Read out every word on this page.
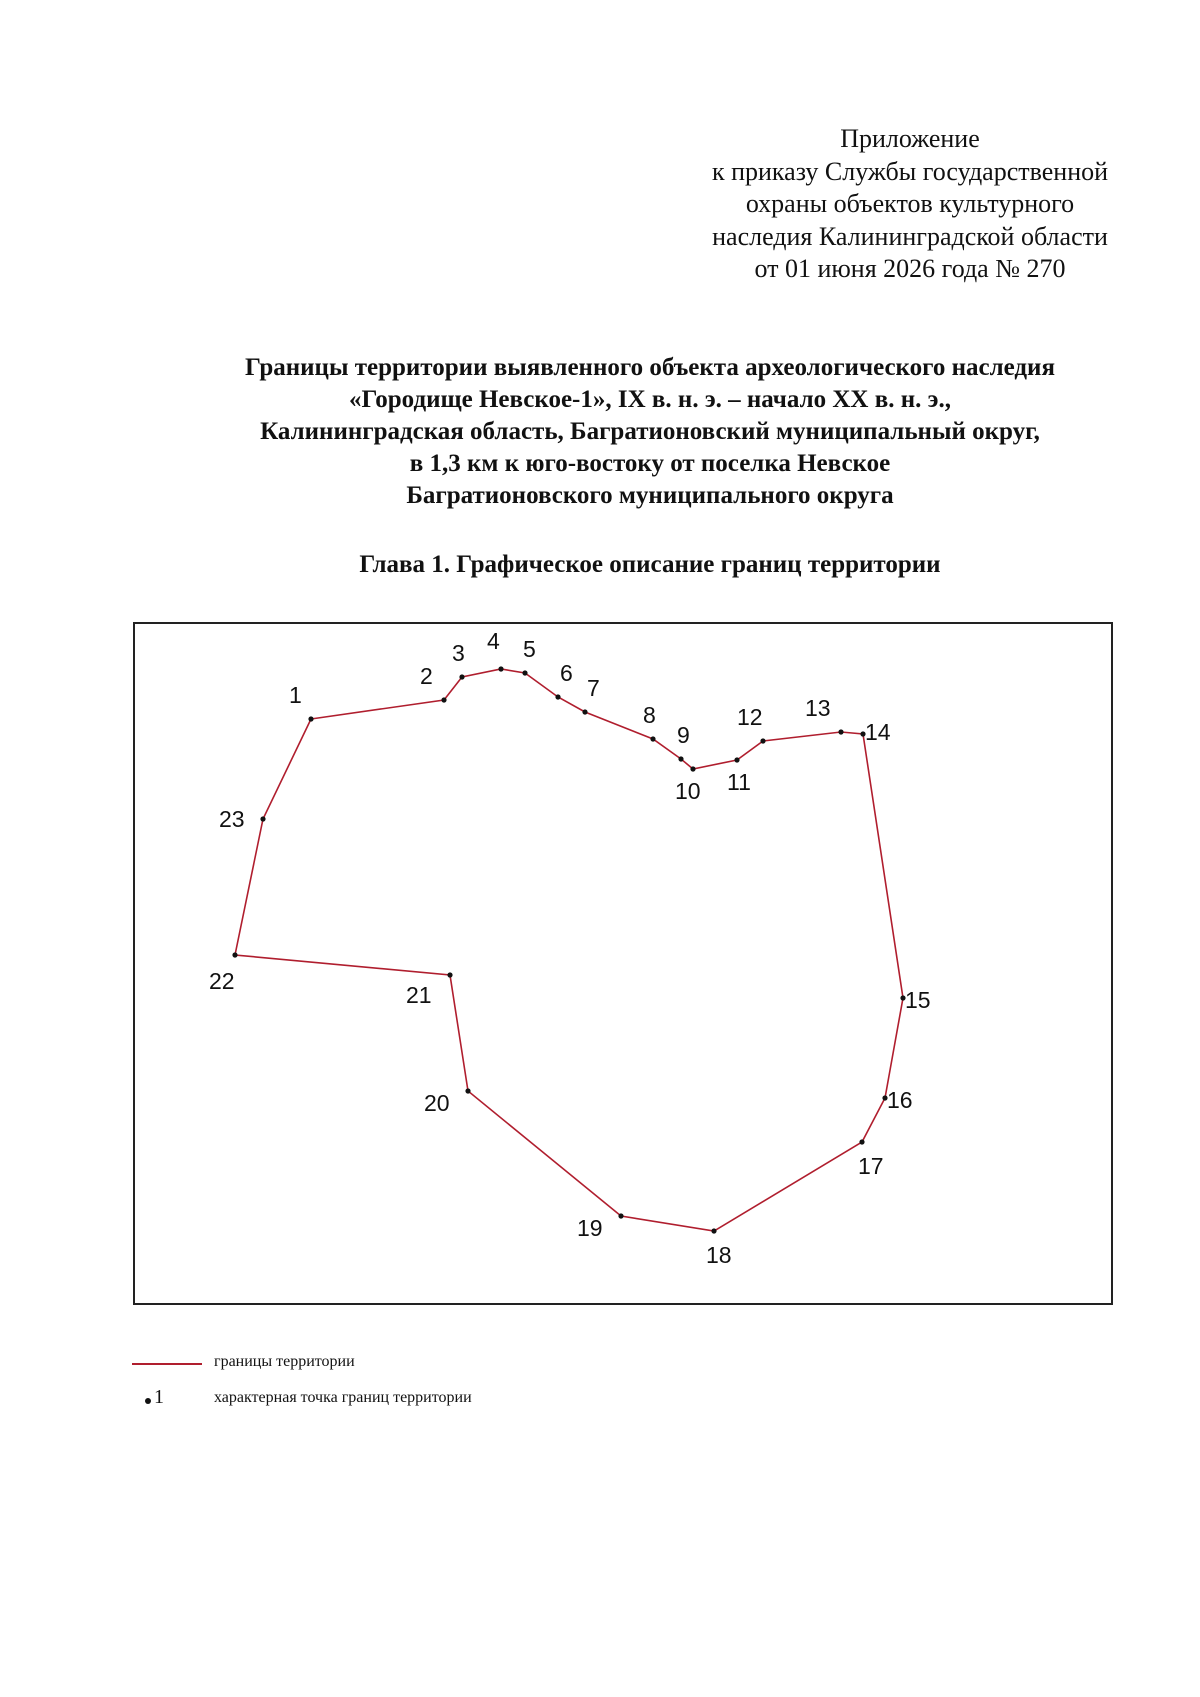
Приложение
к приказу Службы государственной
охраны объектов культурного
наследия Калининградской области
от 01 июня 2026 года № 270
Границы территории выявленного объекта археологического наследия
«Городище Невское-1», IX в. н. э. – начало XX в. н. э.,
Калининградская область, Багратионовский муниципальный округ,
в 1,3 км к юго-востоку от поселка Невское
Багратионовского муниципального округа
Глава 1. Графическое описание границ территории
1
2
3 4 5
6
7
8
9
10 11
12 13
14
15
16
17
18
19
20
21
22
23
границы территории
1	характерная точка границ территории
